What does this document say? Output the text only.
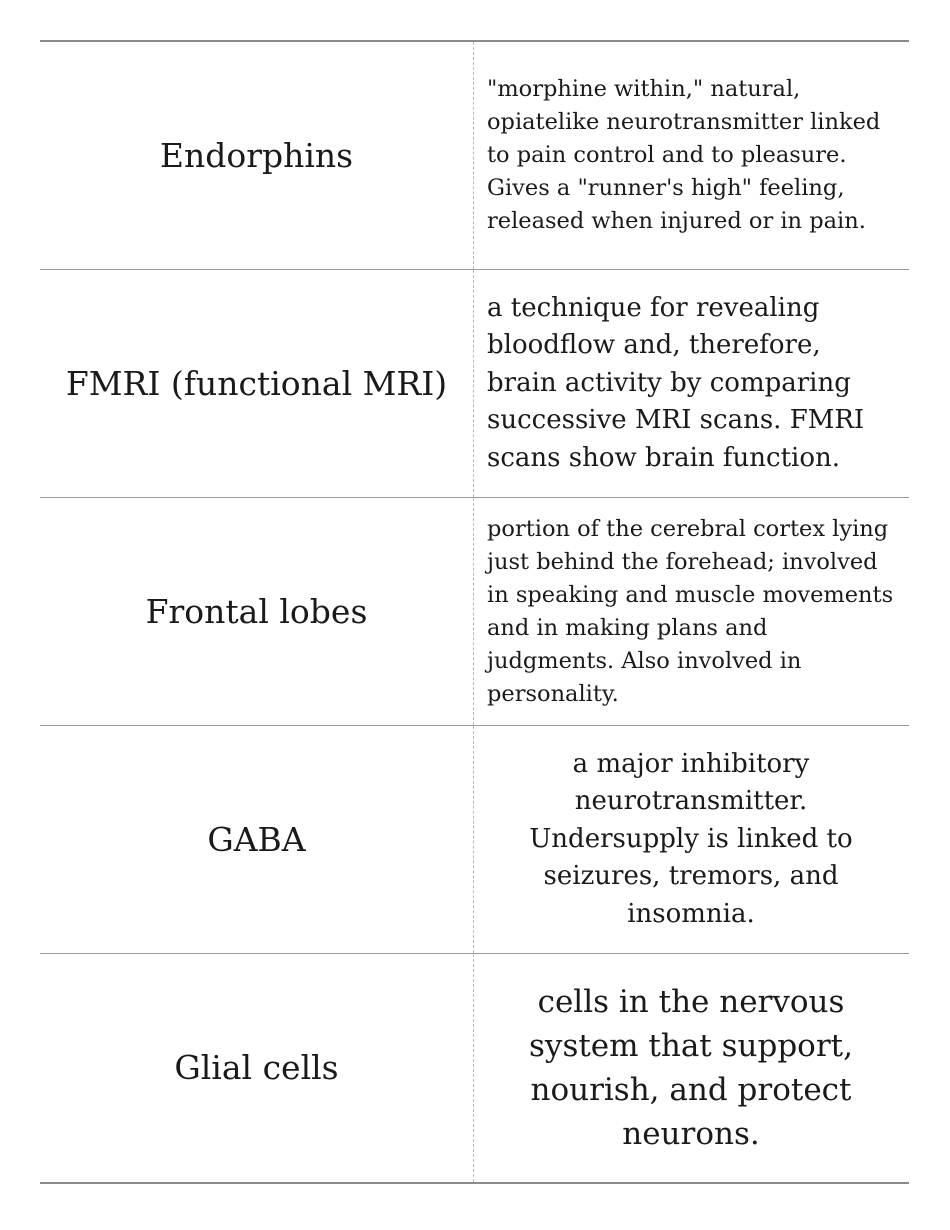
Endorphins
"morphine within," natural, opiatelike neurotransmitter linked to pain control and to pleasure. Gives a "runner's high" feeling, released when injured or in pain.
FMRI (functional MRI)
a technique for revealing bloodflow and, therefore, brain activity by comparing successive MRI scans. FMRI scans show brain function.
Frontal lobes
portion of the cerebral cortex lying just behind the forehead; involved in speaking and muscle movements and in making plans and judgments. Also involved in personality.
GABA
a major inhibitory neurotransmitter. Undersupply is linked to seizures, tremors, and insomnia.
Glial cells
cells in the nervous system that support, nourish, and protect neurons.
